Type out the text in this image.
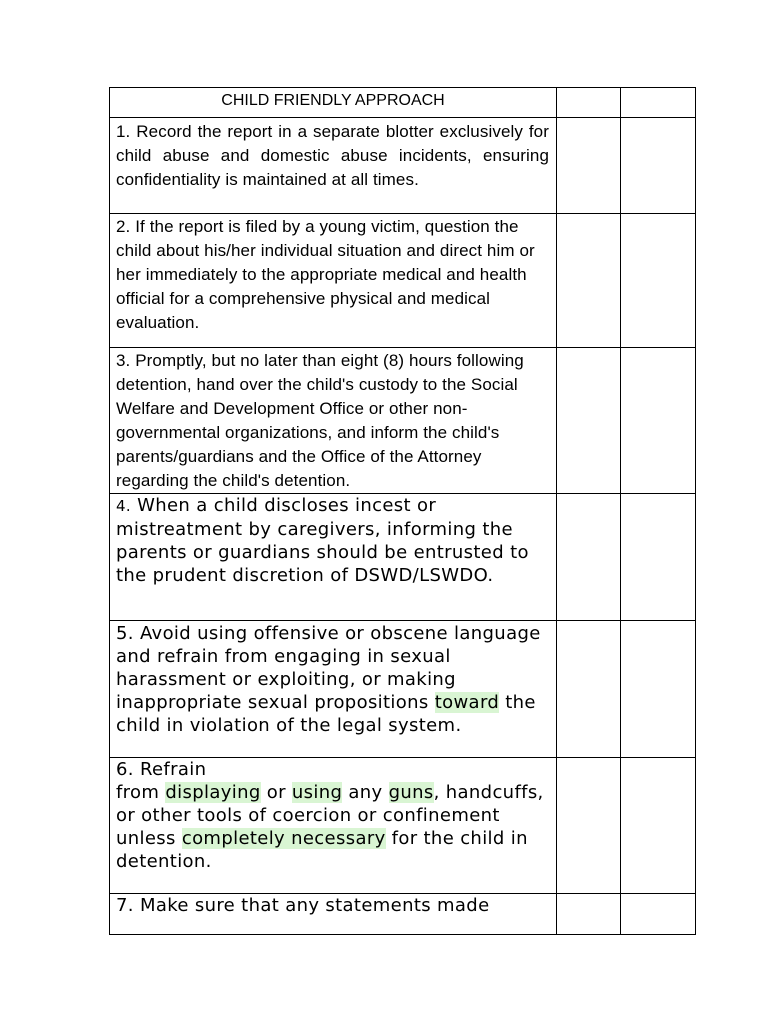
CHILD FRIENDLY APPROACH		

1. Record the report in a separate blotter exclusively for child abuse and domestic abuse incidents, ensuring confidentiality is maintained at all times.		

2. If the report is filed by a young victim, question the child about his/her individual situation and direct him or her immediately to the appropriate medical and health official for a comprehensive physical and medical evaluation.		

3. Promptly, but no later than eight (8) hours following detention, hand over the child's custody to the Social Welfare and Development Office or other non-governmental organizations, and inform the child's parents/guardians and the Office of the Attorney regarding the child's detention.		

4. When a child discloses incest or mistreatment by caregivers, informing the parents or guardians should be entrusted to the prudent discretion of DSWD/LSWDO.		

5. Avoid using offensive or obscene language and refrain from engaging in sexual harassment or exploiting, or making inappropriate sexual propositions toward the child in violation of the legal system.		

6. Refrain
from displaying or using any guns, handcuffs, or other tools of coercion or confinement
unless completely necessary for the child in detention.		

7. Make sure that any statements made		
